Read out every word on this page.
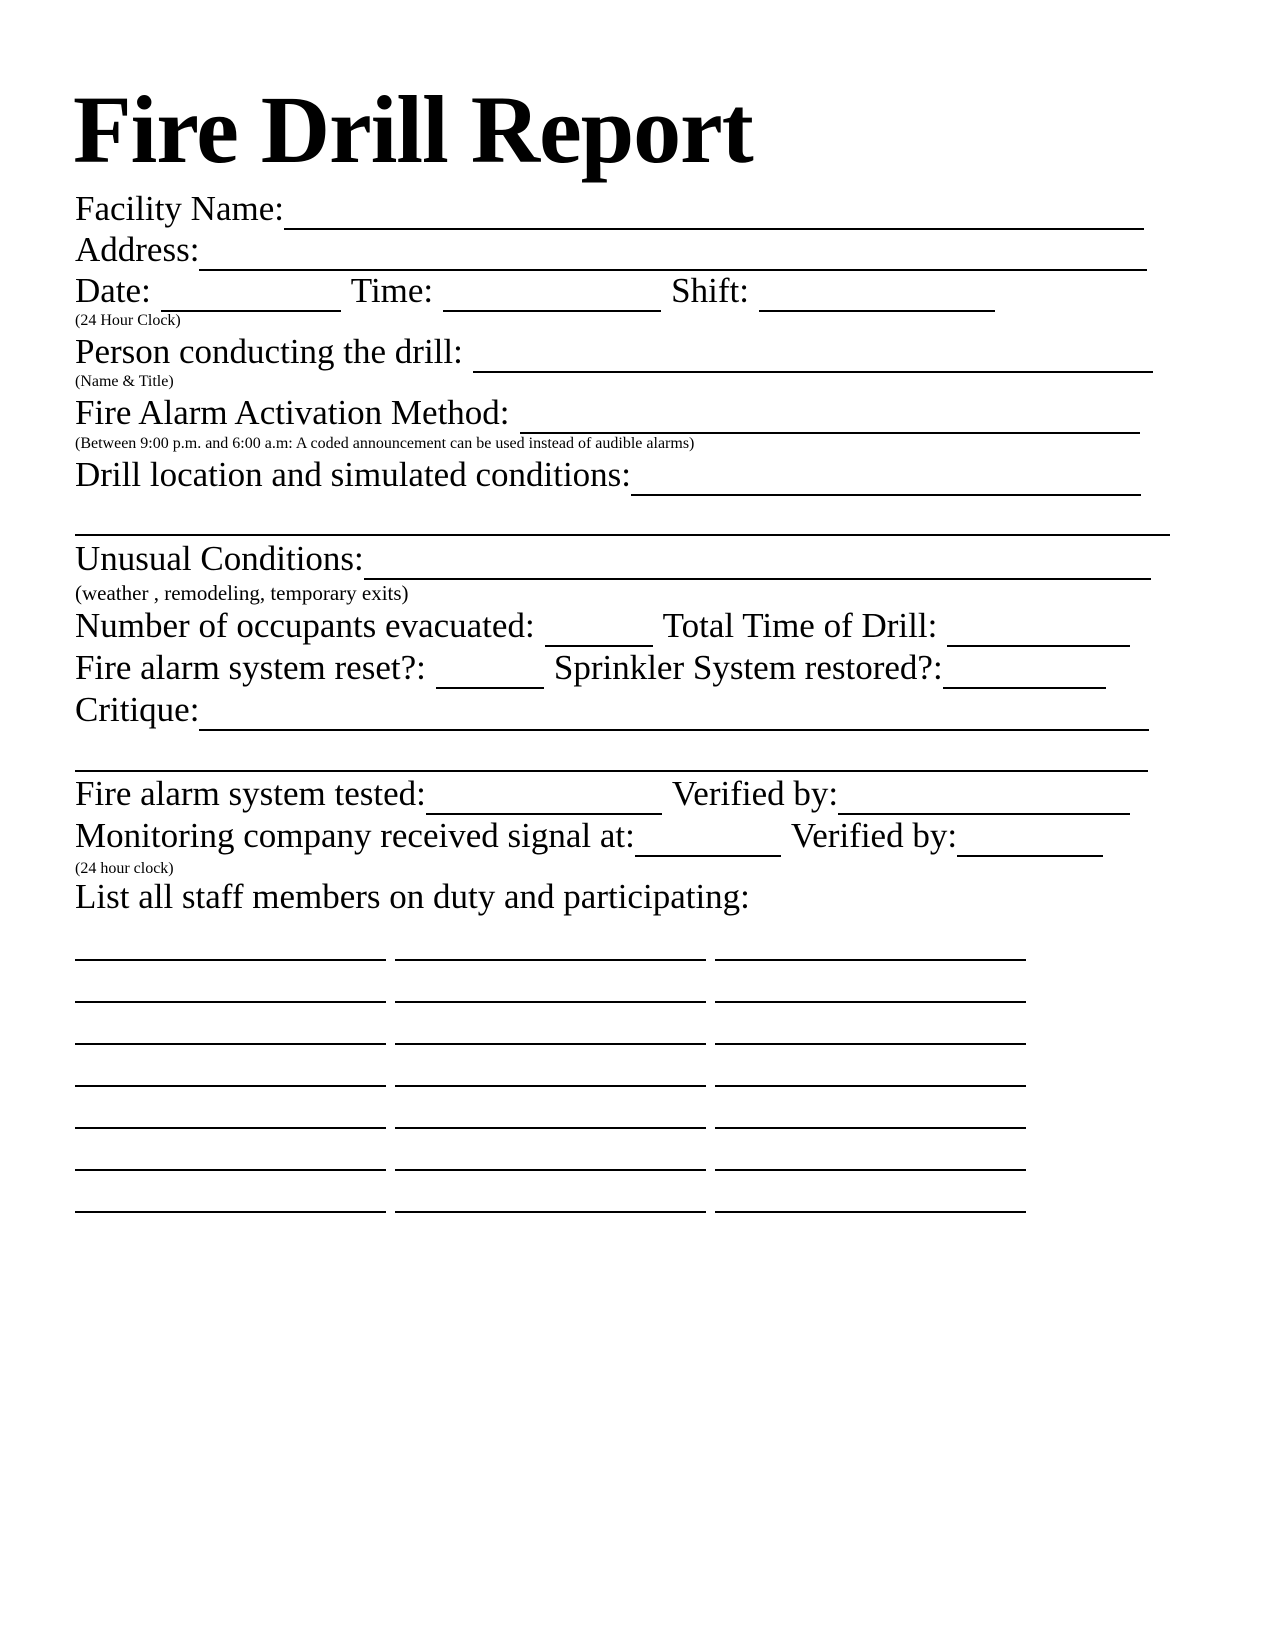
Fire Drill Report
Facility Name:
Address:
Date:	Time:	Shift:
(24 Hour Clock)
Person conducting the drill:
(Name & Title)
Fire Alarm Activation Method:
(Between 9:00 p.m. and 6:00 a.m: A coded announcement can be used instead of audible alarms)
Drill location and simulated conditions:
Unusual Conditions:
(weather , remodeling, temporary exits)
Number of occupants evacuated:	Total Time of Drill:
Fire alarm system reset?:	Sprinkler System restored?:
Critique:
Fire alarm system tested:	Verified by:
Monitoring company received signal at:	Verified by:
(24 hour clock)
List all staff members on duty and participating:
